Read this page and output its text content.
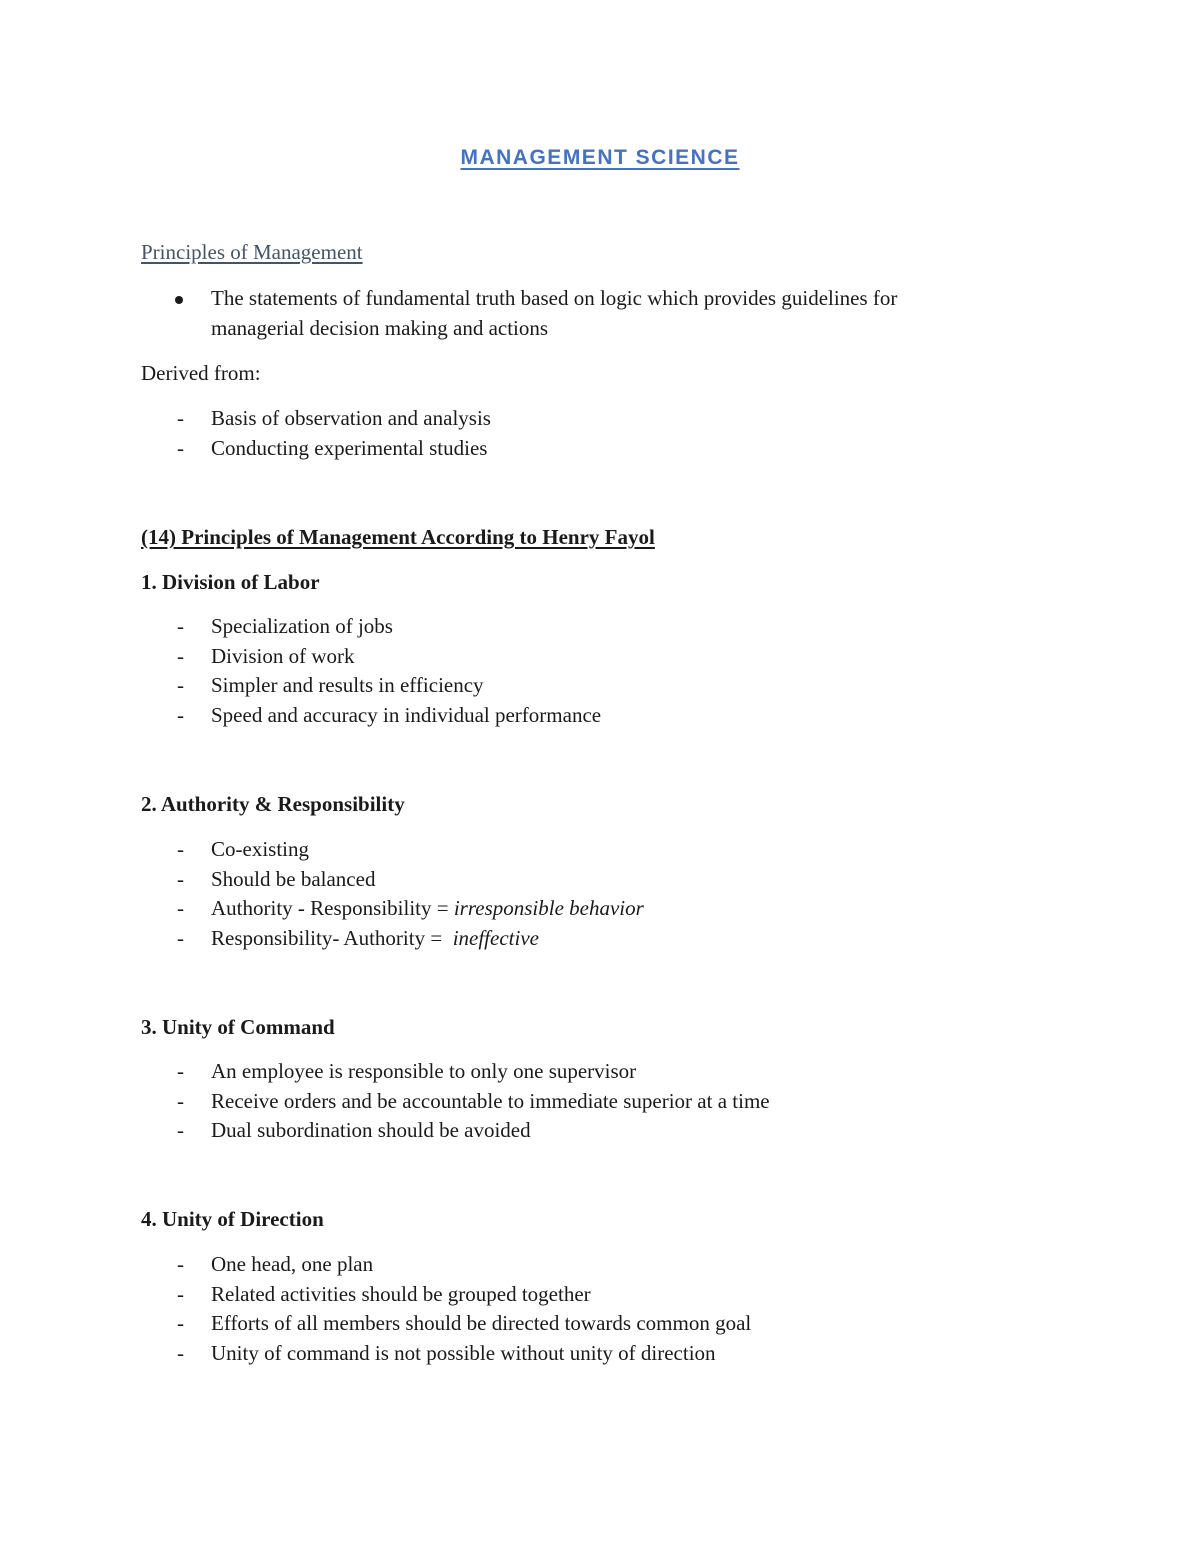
MANAGEMENT SCIENCE
Principles of Management
The statements of fundamental truth based on logic which provides guidelines for
managerial decision making and actions
Derived from:
- Basis of observation and analysis
- Conducting experimental studies
(14) Principles of Management According to Henry Fayol
1. Division of Labor
- Specialization of jobs
- Division of work
- Simpler and results in efficiency
- Speed and accuracy in individual performance
2. Authority & Responsibility
- Co-existing
- Should be balanced
- Authority - Responsibility = irresponsible behavior
- Responsibility- Authority =  ineffective
3. Unity of Command
- An employee is responsible to only one supervisor
- Receive orders and be accountable to immediate superior at a time
- Dual subordination should be avoided
4. Unity of Direction
- One head, one plan
- Related activities should be grouped together
- Efforts of all members should be directed towards common goal
- Unity of command is not possible without unity of direction
